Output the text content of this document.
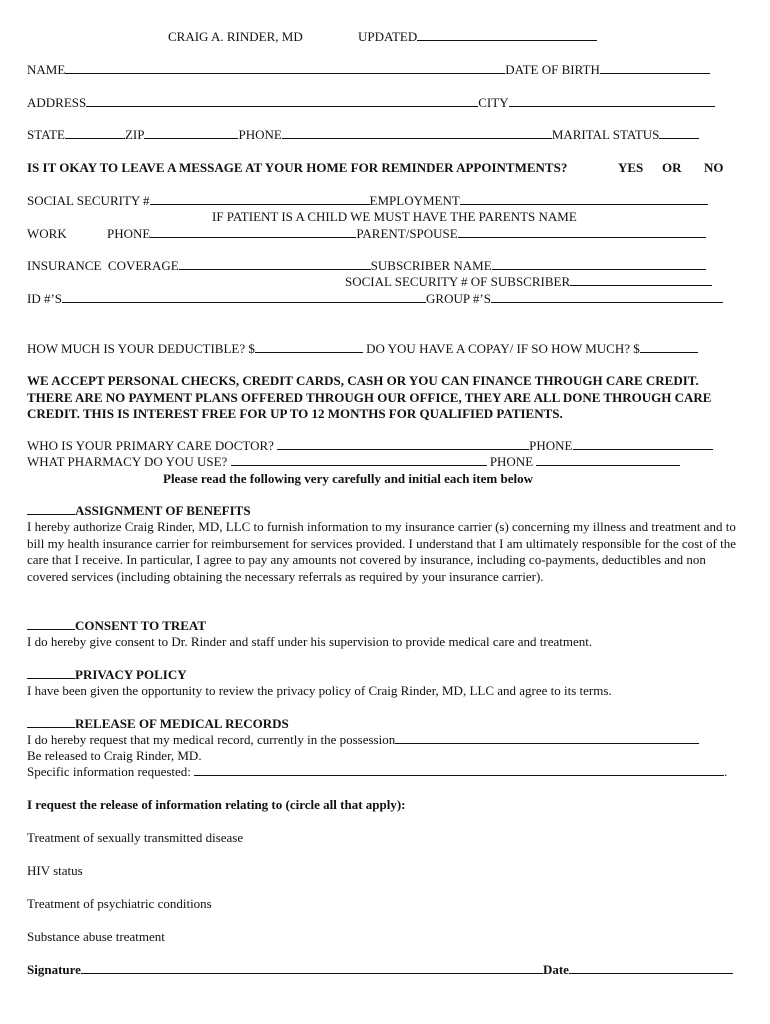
CRAIG A. RINDER, MD	UPDATED
NAME	DATE OF BIRTH
ADDRESS	CITY
STATE	ZIP	PHONE	MARITAL STATUS
IS IT OKAY TO LEAVE A MESSAGE AT YOUR HOME FOR REMINDER APPOINTMENTS?	YES OR NO
SOCIAL SECURITY #	EMPLOYMENT
IF PATIENT IS A CHILD WE MUST HAVE THE PARENTS NAME
WORK	PHONE	PARENT/SPOUSE
INSURANCE  COVERAGE	SUBSCRIBER NAME
SOCIAL SECURITY # OF SUBSCRIBER
ID #’S	GROUP #’S
HOW MUCH IS YOUR DEDUCTIBLE? $	DO YOU HAVE A COPAY/ IF SO HOW MUCH? $
WE ACCEPT PERSONAL CHECKS, CREDIT CARDS, CASH OR YOU CAN FINANCE THROUGH CARE CREDIT. THERE ARE NO PAYMENT PLANS OFFERED THROUGH OUR OFFICE, THEY ARE ALL DONE THROUGH CARE CREDIT. THIS IS INTEREST FREE FOR UP TO 12 MONTHS FOR QUALIFIED PATIENTS.
WHO IS YOUR PRIMARY CARE DOCTOR?	PHONE
WHAT PHARMACY DO YOU USE?	PHONE
Please read the following very carefully and initial each item below
ASSIGNMENT OF BENEFITS
I hereby authorize Craig Rinder, MD, LLC to furnish information to my insurance carrier (s) concerning my illness and treatment and to bill my health insurance carrier for reimbursement for services provided. I understand that I am ultimately responsible for the cost of the care that I receive. In particular, I agree to pay any amounts not covered by insurance, including co-payments, deductibles and non covered services (including obtaining the necessary referrals as required by your insurance carrier).
CONSENT TO TREAT
I do hereby give consent to Dr. Rinder and staff under his supervision to provide medical care and treatment.
PRIVACY POLICY
I have been given the opportunity to review the privacy policy of Craig Rinder, MD, LLC and agree to its terms.
RELEASE OF MEDICAL RECORDS
I do hereby request that my medical record, currently in the possession
Be released to Craig Rinder, MD.
Specific information requested:	.
I request the release of information relating to (circle all that apply):
Treatment of sexually transmitted disease
HIV status
Treatment of psychiatric conditions
Substance abuse treatment
Signature	Date
